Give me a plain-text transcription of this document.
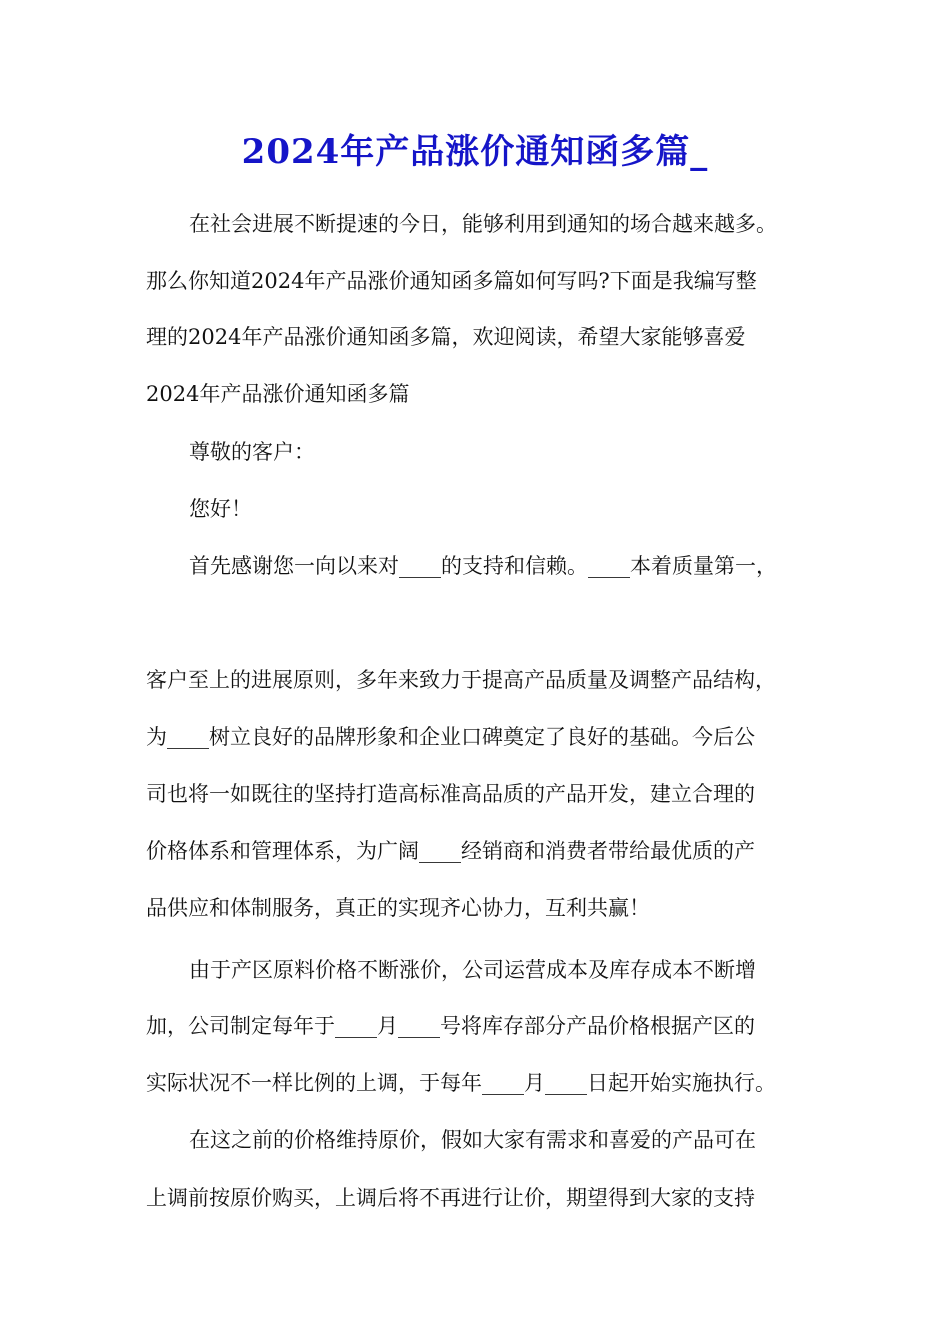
2024年产品涨价通知函多篇_
在社会进展不断提速的今日，能够利用到通知的场合越来越多。
那么你知道2024年产品涨价通知函多篇如何写吗?下面是我编写整
理的2024年产品涨价通知函多篇，欢迎阅读，希望大家能够喜爱
2024年产品涨价通知函多篇
尊敬的客户：
您好！
首先感谢您一向以来对____的支持和信赖。____本着质量第一，
客户至上的进展原则，多年来致力于提高产品质量及调整产品结构，
为____树立良好的品牌形象和企业口碑奠定了良好的基础。今后公
司也将一如既往的坚持打造高标准高品质的产品开发，建立合理的
价格体系和管理体系，为广阔____经销商和消费者带给最优质的产
品供应和体制服务，真正的实现齐心协力，互利共赢！
由于产区原料价格不断涨价，公司运营成本及库存成本不断增
加，公司制定每年于____月____号将库存部分产品价格根据产区的
实际状况不一样比例的上调，于每年____月____日起开始实施执行。
在这之前的价格维持原价，假如大家有需求和喜爱的产品可在
上调前按原价购买，上调后将不再进行让价，期望得到大家的支持
